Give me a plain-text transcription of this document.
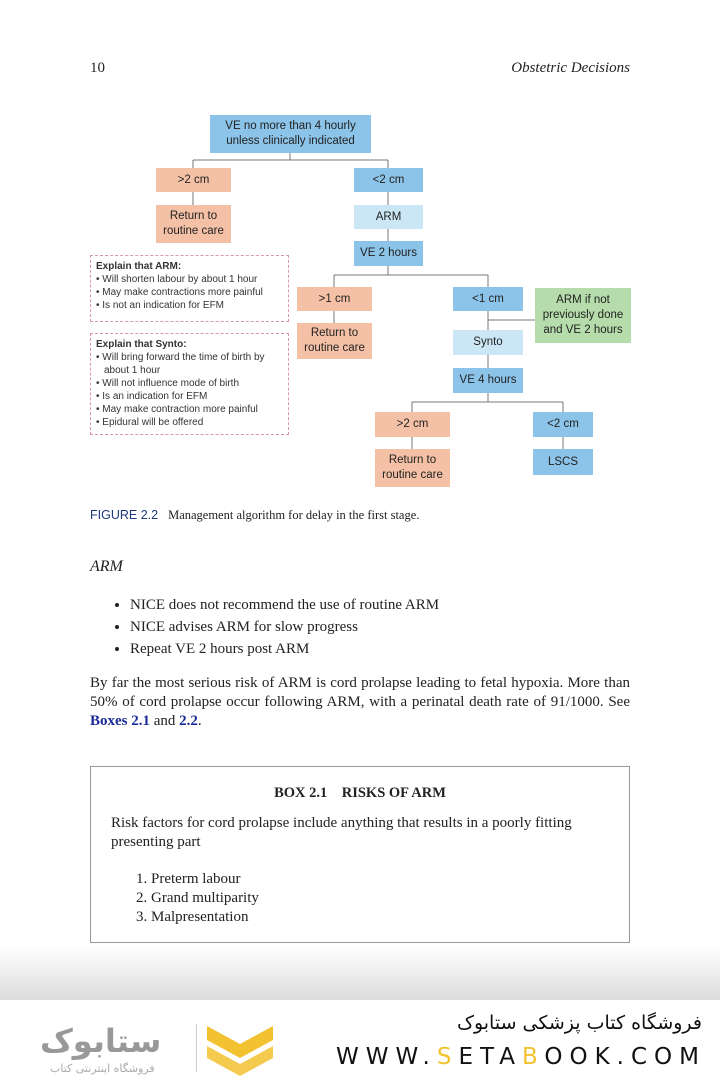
10	Obstetric Decisions
VE no more than 4 hourly unless clinically indicated
>2 cm	<2 cm
Return to routine care
ARM
VE 2 hours
>1 cm	<1 cm	ARM if not previously done and VE 2 hours
Return to routine care	Synto
VE 4 hours
>2 cm	<2 cm
Return to routine care
LSCS
Explain that ARM:
• Will shorten labour by about 1 hour
• May make contractions more painful
• Is not an indication for EFM
Explain that Synto:
• Will bring forward the time of birth by about 1 hour
• Will not influence mode of birth
• Is an indication for EFM
• May make contraction more painful
• Epidural will be offered
FIGURE 2.2 Management algorithm for delay in the first stage.
ARM
• NICE does not recommend the use of routine ARM
• NICE advises ARM for slow progress
• Repeat VE 2 hours post ARM

By far the most serious risk of ARM is cord prolapse leading to fetal hypoxia. More than 50% of cord prolapse occur following ARM, with a perinatal death rate of 91/1000. See Boxes 2.1 and 2.2.

BOX 2.1    RISKS OF ARM
Risk factors for cord prolapse include anything that results in a poorly fitting presenting part
1. Preterm labour
2. Grand multiparity
3. Malpresentation
ستابوک
فروشگاه اینترنتی کتاب
فروشگاه کتاب پزشکی ستابوک
WWW.SETABOOK.COM
